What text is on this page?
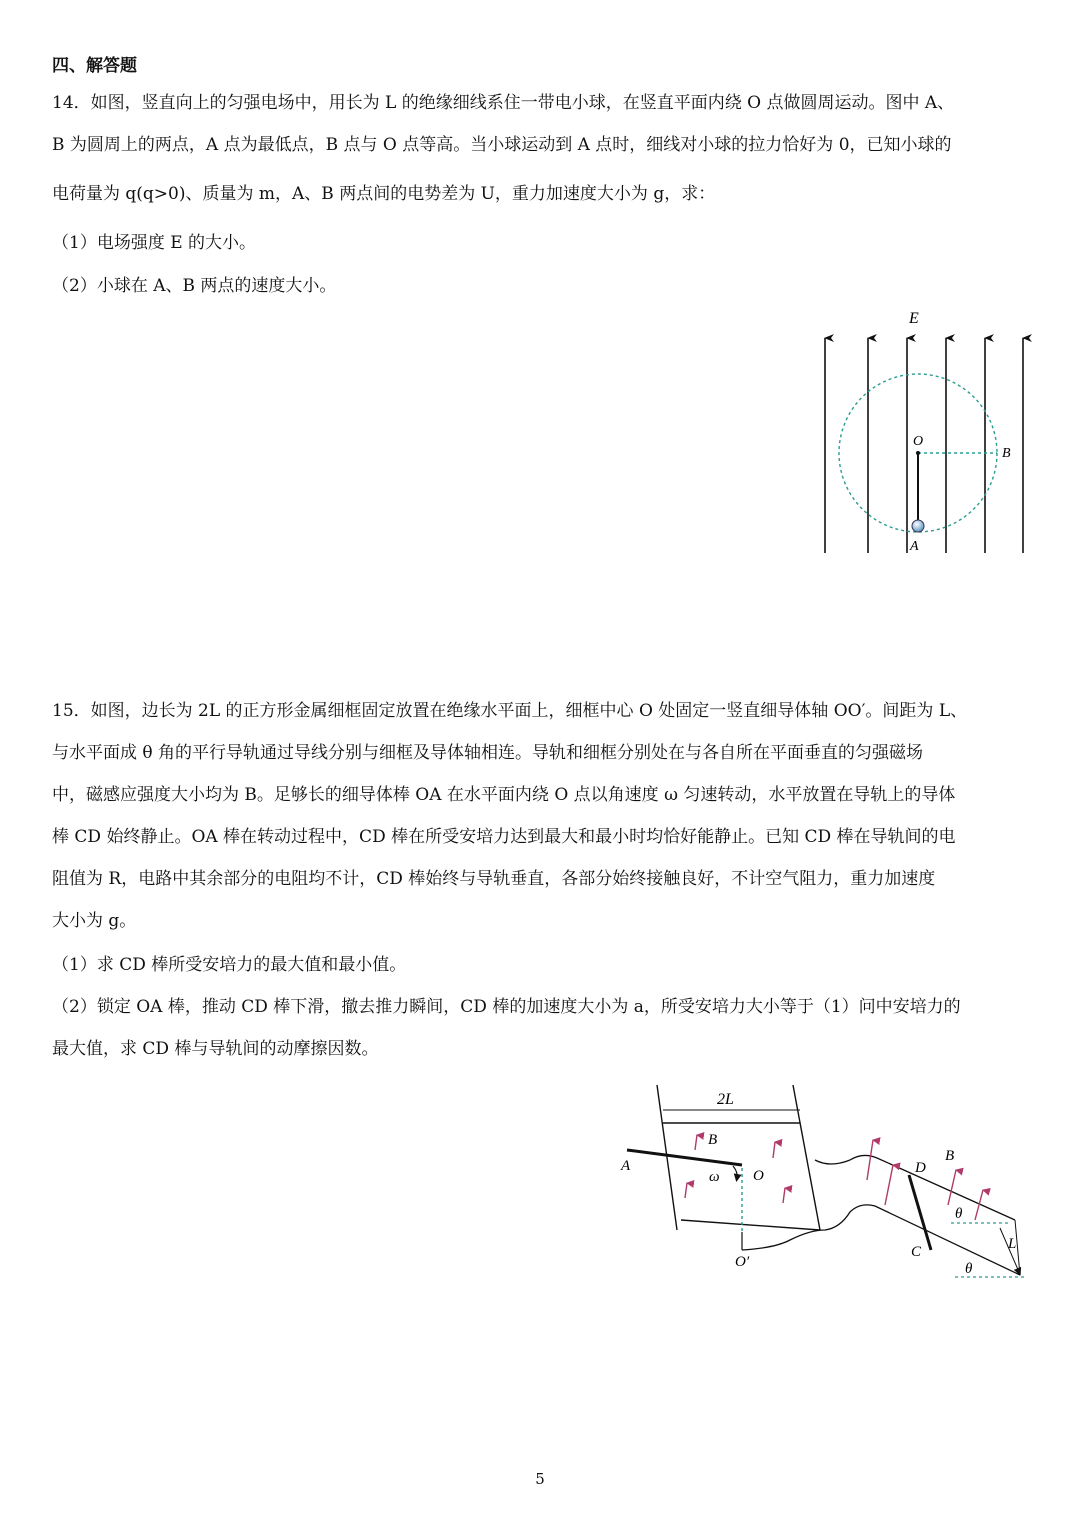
四、解答题
14．如图，竖直向上的匀强电场中，用长为 L 的绝缘细线系住一带电小球，在竖直平面内绕 O 点做圆周运动。图中 A、
B 为圆周上的两点，A 点为最低点，B 点与 O 点等高。当小球运动到 A 点时，细线对小球的拉力恰好为 0，已知小球的
电荷量为 q(q>0)、质量为 m，A、B 两点间的电势差为 U，重力加速度大小为 g，求：
（1）电场强度 E 的大小。
（2）小球在 A、B 两点的速度大小。
E
O
A
B
15．如图，边长为 2L 的正方形金属细框固定放置在绝缘水平面上，细框中心 O 处固定一竖直细导体轴 OO′。间距为 L、
与水平面成 θ 角的平行导轨通过导线分别与细框及导体轴相连。导轨和细框分别处在与各自所在平面垂直的匀强磁场
中，磁感应强度大小均为 B。足够长的细导体棒 OA 在水平面内绕 O 点以角速度 ω 匀速转动，水平放置在导轨上的导体
棒 CD 始终静止。OA 棒在转动过程中，CD 棒在所受安培力达到最大和最小时均恰好能静止。已知 CD 棒在导轨间的电
阻值为 R，电路中其余部分的电阻均不计，CD 棒始终与导轨垂直，各部分始终接触良好，不计空气阻力，重力加速度
大小为 g。
（1）求 CD 棒所受安培力的最大值和最小值。
（2）锁定 OA 棒，推动 CD 棒下滑，撤去推力瞬间，CD 棒的加速度大小为 a，所受安培力大小等于（1）问中安培力的
最大值，求 CD 棒与导轨间的动摩擦因数。
2L
B
A
ω O
O′
D
C
B
θ
θ
L
5
